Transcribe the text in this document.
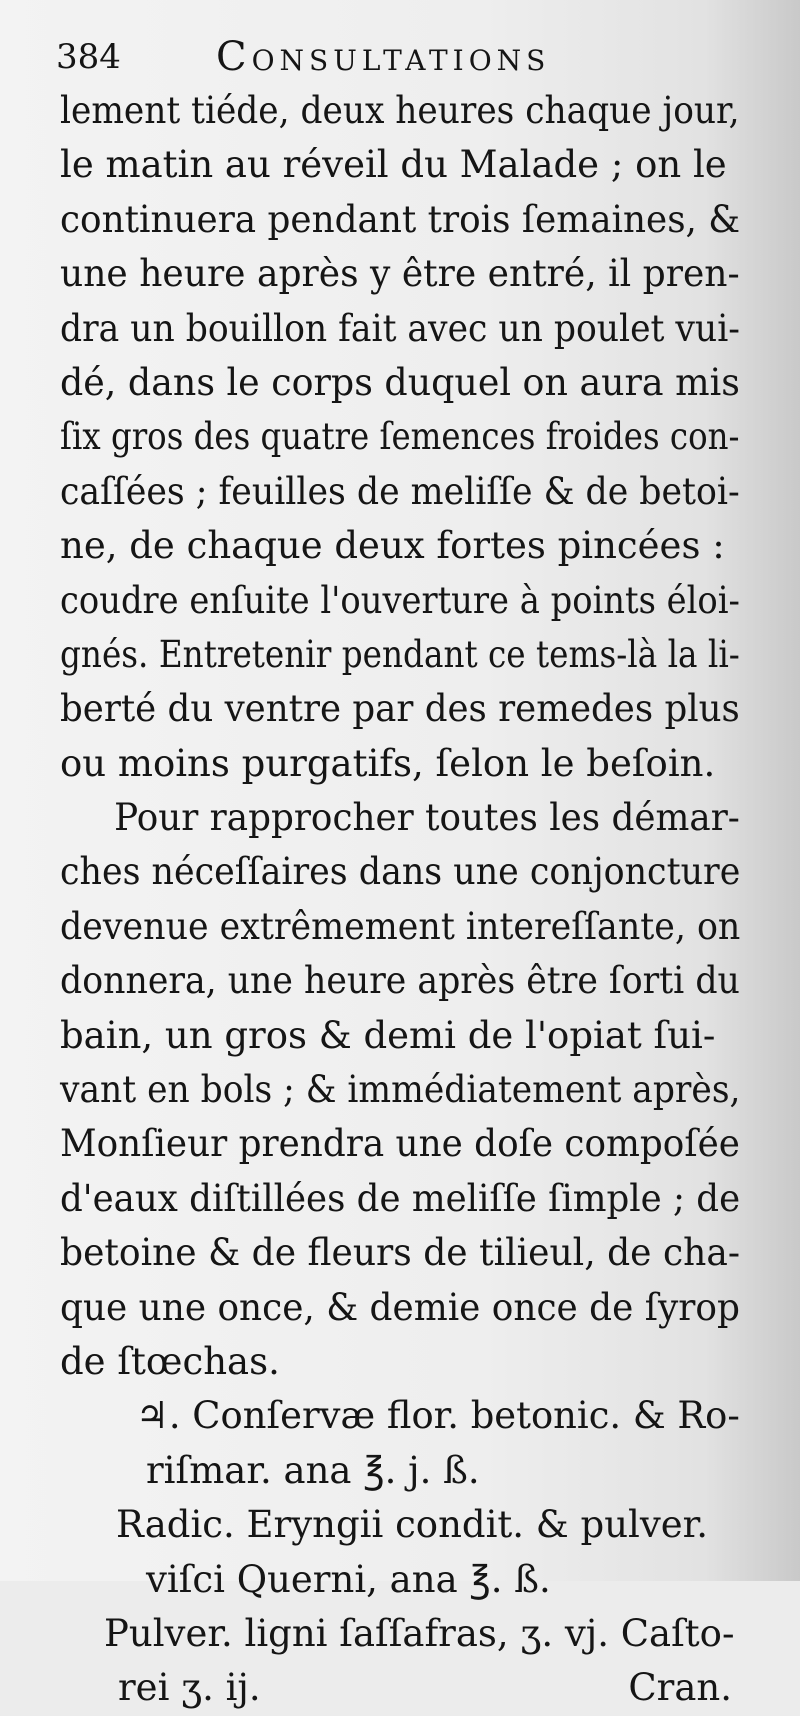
384 Consultations
lement tiéde, deux heures chaque jour,
le matin au réveil du Malade ; on le
continuera pendant trois ſemaines, &
une heure après y être entré, il pren-
dra un bouillon fait avec un poulet vui-
dé, dans le corps duquel on aura mis
ſix gros des quatre ſemences froides con-
caſſées ; feuilles de meliſſe & de betoi-
ne, de chaque deux fortes pincées :
coudre enſuite l'ouverture à points éloi-
gnés. Entretenir pendant ce tems-là la li-
berté du ventre par des remedes plus
ou moins purgatifs, ſelon le beſoin.
Pour rapprocher toutes les démar-
ches néceſſaires dans une conjoncture
devenue extrêmement intereſſante, on
donnera, une heure après être ſorti du
bain, un gros & demi de l'opiat ſui-
vant en bols ; & immédiatement après,
Monſieur prendra une doſe compoſée
d'eaux diſtillées de meliſſe ſimple ; de
betoine & de fleurs de tilieul, de cha-
que une once, & demie once de ſyrop
de ſtœchas.
♃. Conſervæ flor. betonic. & Ro-
riſmar. ana ℥. j. ß.
Radic. Eryngii condit. & pulver.
viſci Querni, ana ℥. ß.
Pulver. ligni ſaſſafras, ʒ. vj. Caſto-
rei ʒ. ij.	Cran.
